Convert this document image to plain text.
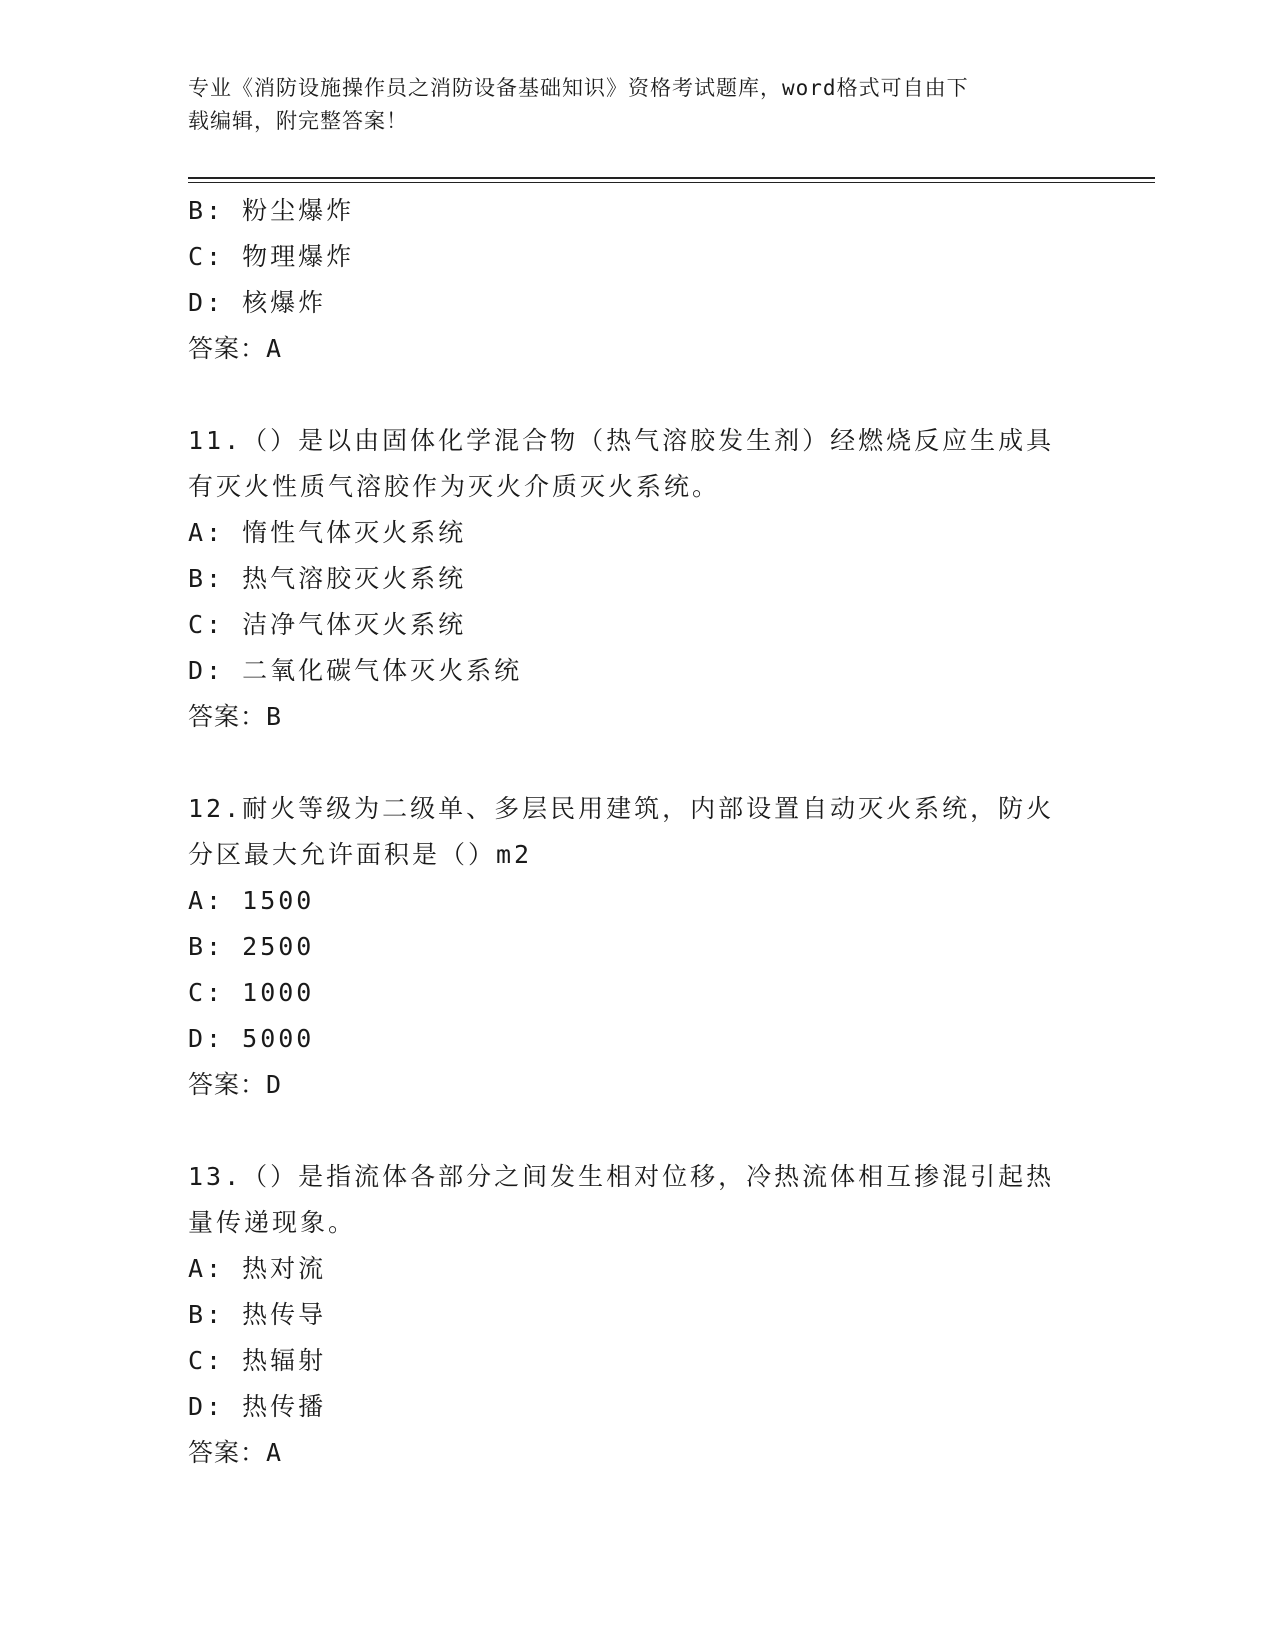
专业《消防设施操作员之消防设备基础知识》资格考试题库，word格式可自由下
载编辑，附完整答案！
B: 粉尘爆炸
C: 物理爆炸
D: 核爆炸
答案：A
11.（）是以由固体化学混合物（热气溶胶发生剂）经燃烧反应生成具
有灭火性质气溶胶作为灭火介质灭火系统。
A: 惰性气体灭火系统
B: 热气溶胶灭火系统
C: 洁净气体灭火系统
D: 二氧化碳气体灭火系统
答案：B
12.耐火等级为二级单、多层民用建筑，内部设置自动灭火系统，防火
分区最大允许面积是（）m2
A: 1500
B: 2500
C: 1000
D: 5000
答案：D
13.（）是指流体各部分之间发生相对位移，冷热流体相互掺混引起热
量传递现象。
A: 热对流
B: 热传导
C: 热辐射
D: 热传播
答案：A
